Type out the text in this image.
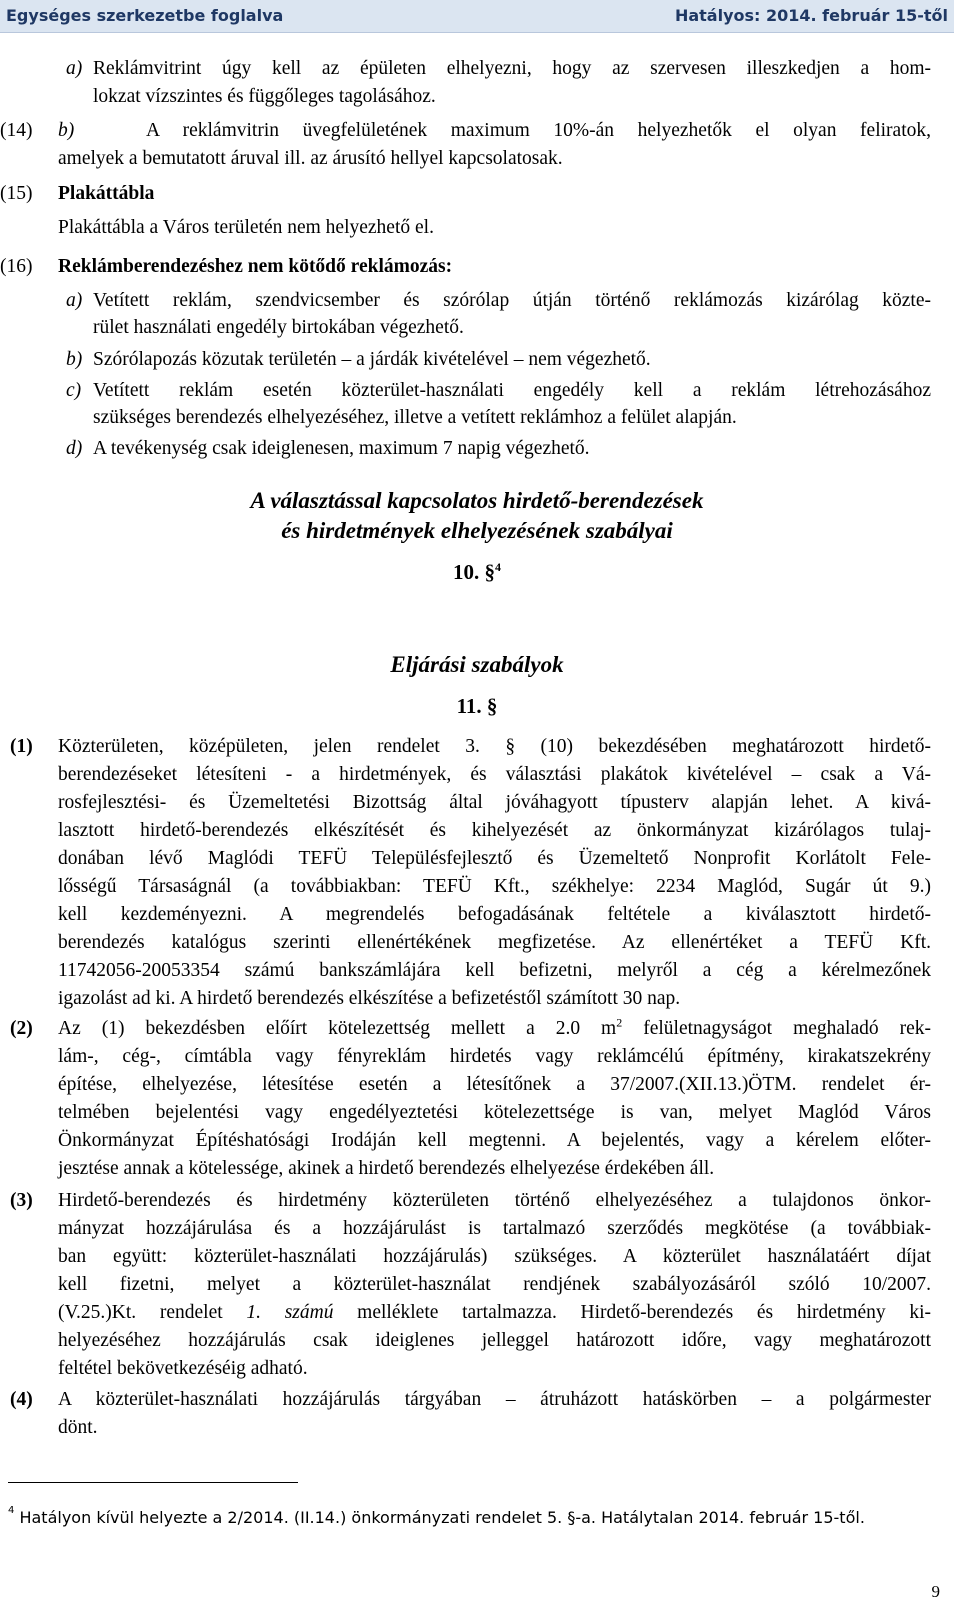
Egységes szerkezetbe foglalva	Hatályos: 2014. február 15-től
a) Reklámvitrint úgy kell az épületen elhelyezni, hogy az szervesen illeszkedjen a hom-
lokzat vízszintes és függőleges tagolásához.
(14) b)	A reklámvitrin üvegfelületének maximum 10%-án helyezhetők el olyan feliratok,
amelyek a bemutatott áruval ill. az árusító hellyel kapcsolatosak.
(15) Plakáttábla
Plakáttábla a Város területén nem helyezhető el.
(16) Reklámberendezéshez nem kötődő reklámozás:
a) Vetített reklám, szendvicsember és szórólap útján történő reklámozás kizárólag közte-
rület használati engedély birtokában végezhető.
b) Szórólapozás közutak területén – a járdák kivételével – nem végezhető.
c) Vetített reklám esetén közterület-használati engedély kell a reklám létrehozásához
szükséges berendezés elhelyezéséhez, illetve a vetített reklámhoz a felület alapján.
d) A tevékenység csak ideiglenesen, maximum 7 napig végezhető.
A választással kapcsolatos hirdető-berendezések
és hirdetmények elhelyezésének szabályai
10. §$^4$
Eljárási szabályok
11. §
(1) Közterületen, középületen, jelen rendelet 3. § (10) bekezdésében meghatározott hirdető-
berendezéseket létesíteni - a hirdetmények, és választási plakátok kivételével – csak a Vá-
rosfejlesztési- és Üzemeltetési Bizottság által jóváhagyott típusterv alapján lehet. A kivá-
lasztott hirdető-berendezés elkészítését és kihelyezését az önkormányzat kizárólagos tulaj-
donában lévő Maglódi TEFÜ Településfejlesztő és Üzemeltető Nonprofit Korlátolt Fele-
lősségű Társaságnál (a továbbiakban: TEFÜ Kft., székhelye: 2234 Maglód, Sugár út 9.)
kell kezdeményezni. A megrendelés befogadásának feltétele a kiválasztott hirdető-
berendezés katalógus szerinti ellenértékének megfizetése. Az ellenértéket a TEFÜ Kft.
11742056-20053354 számú bankszámlájára kell befizetni, melyről a cég a kérelmezőnek
igazolást ad ki. A hirdető berendezés elkészítése a befizetéstől számított 30 nap.
(2) Az (1) bekezdésben előírt kötelezettség mellett a 2.0 $m^2$ felületnagyságot meghaladó rek-
lám-, cég-, címtábla vagy fényreklám hirdetés vagy reklámcélú építmény, kirakatszekrény
építése, elhelyezése, létesítése esetén a létesítőnek a 37/2007.(XII.13.)ÖTM. rendelet ér-
telmében bejelentési vagy engedélyeztetési kötelezettsége is van, melyet Maglód Város
Önkormányzat Építéshatósági Irodáján kell megtenni. A bejelentés, vagy a kérelem előter-
jesztése annak a kötelessége, akinek a hirdető berendezés elhelyezése érdekében áll.
(3) Hirdető-berendezés és hirdetmény közterületen történő elhelyezéséhez a tulajdonos önkor-
mányzat hozzájárulása és a hozzájárulást is tartalmazó szerződés megkötése (a továbbiak-
ban együtt: közterület-használati hozzájárulás) szükséges. A közterület használatáért díjat
kell fizetni, melyet a közterület-használat rendjének szabályozásáról szóló 10/2007.
(V.25.)Kt. rendelet 1. számú melléklete tartalmazza. Hirdető-berendezés és hirdetmény ki-
helyezéséhez hozzájárulás csak ideiglenes jelleggel határozott időre, vagy meghatározott
feltétel bekövetkezéséig adható.
(4) A közterület-használati hozzájárulás tárgyában – átruházott hatáskörben – a polgármester
dönt.
$^4$ Hatályon kívül helyezte a 2/2014. (II.14.) önkormányzati rendelet 5. §-a. Hatálytalan 2014. február 15-től.
9
